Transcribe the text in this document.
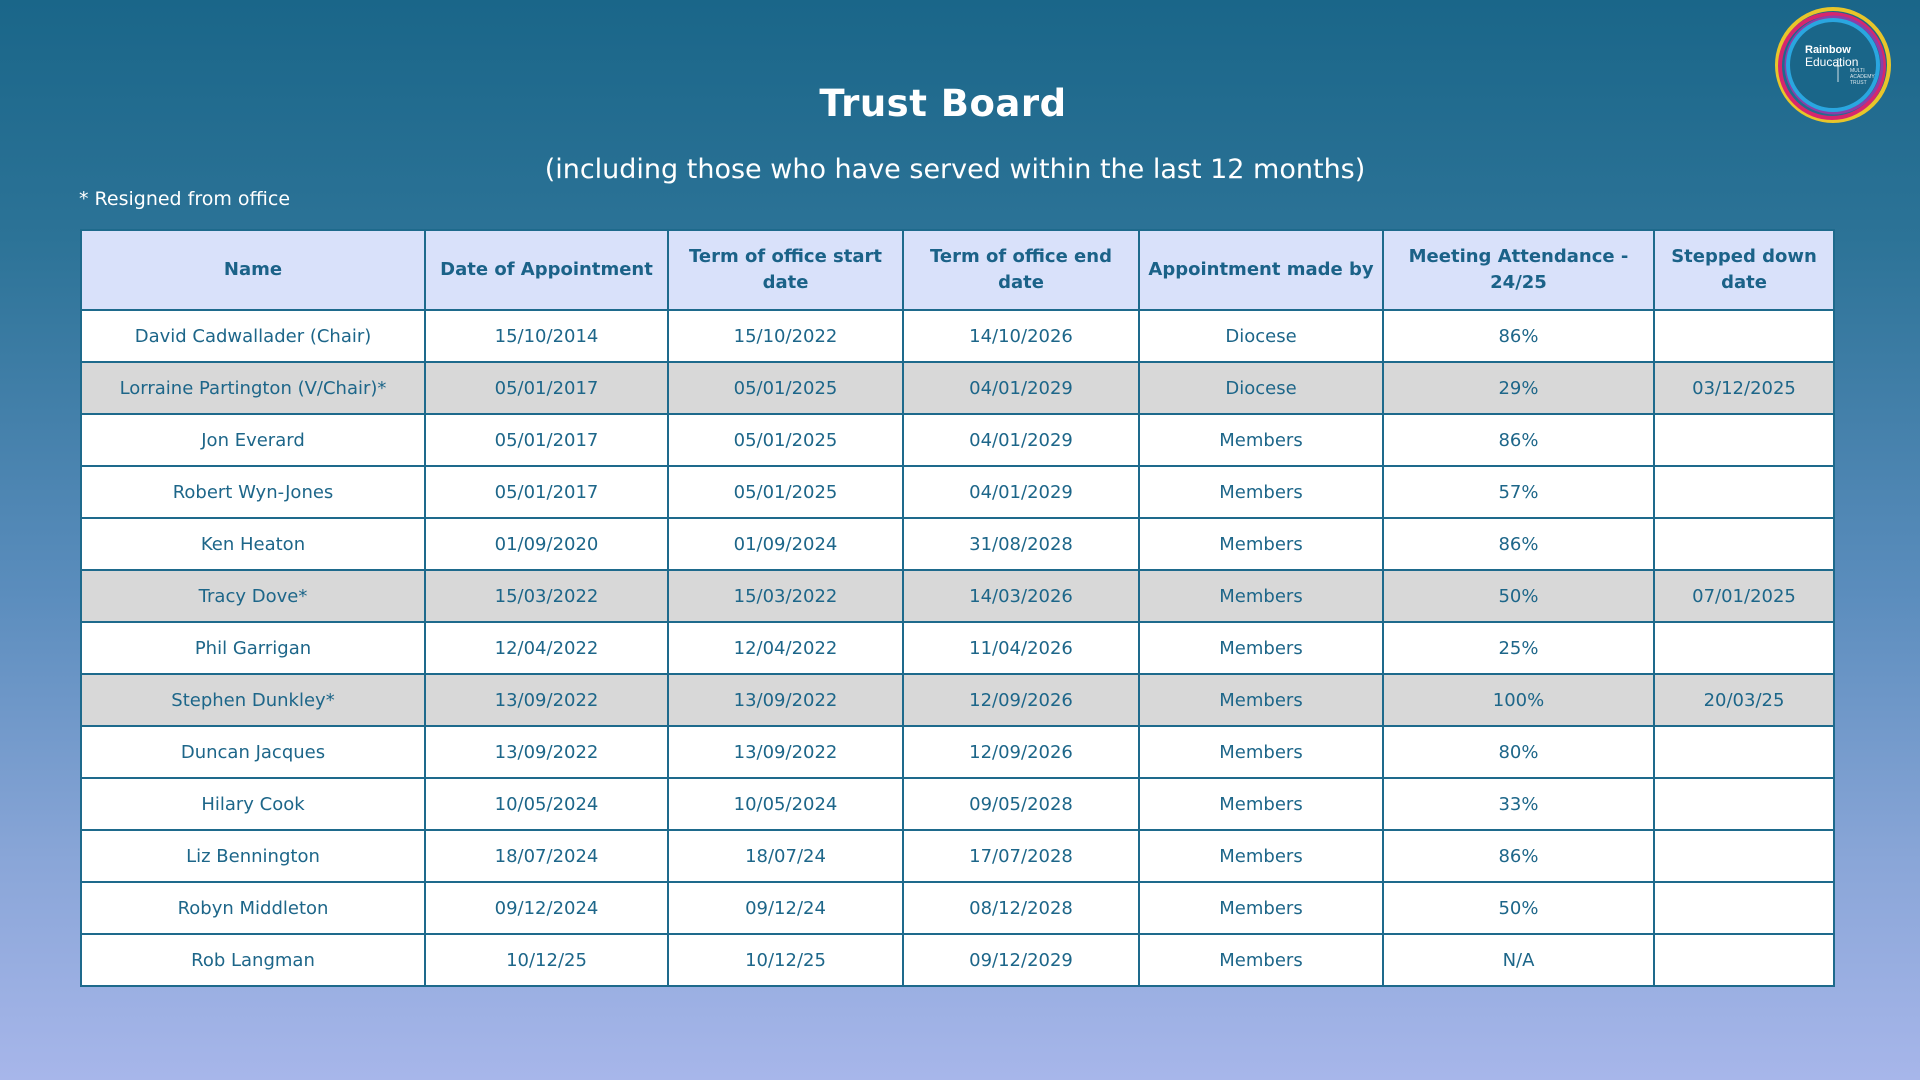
Trust Board
(including those who have served within the last 12 months)
* Resigned from office
Rainbow
Education
MULTI
ACADEMY
TRUST
Name	Date of Appointment	Term of office start date	Term of office end date	Appointment made by	Meeting Attendance - 24/25	Stepped down date
David Cadwallader (Chair)	15/10/2014	15/10/2022	14/10/2026	Diocese	86%	
Lorraine Partington (V/Chair)*	05/01/2017	05/01/2025	04/01/2029	Diocese	29%	03/12/2025
Jon Everard	05/01/2017	05/01/2025	04/01/2029	Members	86%	
Robert Wyn-Jones	05/01/2017	05/01/2025	04/01/2029	Members	57%	
Ken Heaton	01/09/2020	01/09/2024	31/08/2028	Members	86%	
Tracy Dove*	15/03/2022	15/03/2022	14/03/2026	Members	50%	07/01/2025
Phil Garrigan	12/04/2022	12/04/2022	11/04/2026	Members	25%	
Stephen Dunkley*	13/09/2022	13/09/2022	12/09/2026	Members	100%	20/03/25
Duncan Jacques	13/09/2022	13/09/2022	12/09/2026	Members	80%	
Hilary Cook	10/05/2024	10/05/2024	09/05/2028	Members	33%	
Liz Bennington	18/07/2024	18/07/24	17/07/2028	Members	86%	
Robyn Middleton	09/12/2024	09/12/24	08/12/2028	Members	50%	
Rob Langman	10/12/25	10/12/25	09/12/2029	Members	N/A	
